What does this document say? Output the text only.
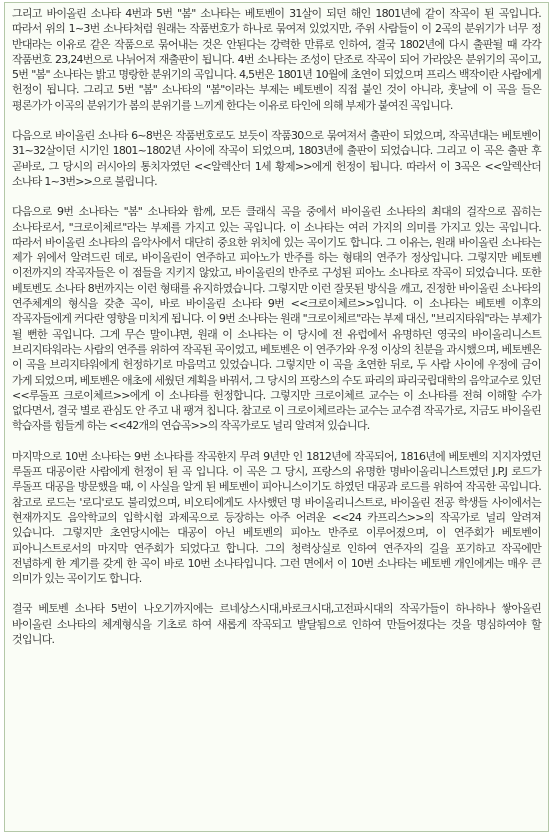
그리고 바이올린 소나타 4번과 5번 "봄" 소나타는 베토벤이 31살이 되던 해인 1801년에 같이 작곡이 된 곡입니다. 따라서 위의 1~3번 소나타처럼 원래는 작품번호가 하나로 묶여져 있었지만, 주위 사람들이 이 2곡의 분위기가 너무 정 반대라는 이유로 같은 작품으로 묶어내는 것은 안된다는 강력한 만류로 인하여, 결국 1802년에 다시 출판될 때 각각 작품번호 23,24번으로 나뉘어져 재출판이 됩니다. 4번 소나타는 조성이 단조로 작곡이 되어 가라앉은 분위기의 곡이고, 5번 "봄" 소나타는 밝고 명랑한 분위기의 곡입니다. 4,5번은 1801년 10월에 초연이 되었으며 프리스 백작이란 사람에게 헌정이 됩니다. 그리고 5번 "봄" 소나타의 "봄"이라는 부제는 베토벤이 직접 붙인 것이 아니라, 훗날에 이 곡을 들은 평론가가 이곡의 분위기가 봄의 분위기를 느끼게 한다는 이유로 타인에 의해 부제가 붙여진 곡입니다.

다음으로 바이올린 소나타 6~8번은 작품번호로도 보듯이 작품30으로 묶여져서 출판이 되었으며, 작곡년대는 베토벤이 31~32살이던 시기인 1801~1802년 사이에 작곡이 되었으며, 1803년에 출판이 되었습니다. 그리고 이 곡은 출판 후 곧바로, 그 당시의 러시아의 통치자였던 <<알렉산더 1세 황제>>에게 헌정이 됩니다. 따라서 이 3곡은 <<알렉산더 소나타 1~3번>>으로 불립니다.

다음으로 9번 소나타는 "봄" 소나타와 함께, 모든 클래식 곡을 중에서 바이올린 소나타의 최대의 걸작으로 꼽히는 소나타로서, "크로이체르"라는 부제를 가지고 있는 곡입니다. 이 소나타는 여러 가지의 의미를 가지고 있는 곡입니다. 따라서 바이올린 소나타의 음악사에서 대단히 중요한 위치에 있는 곡이기도 합니다. 그 이유는, 원래 바이올린 소나타는 제가 위에서 알려드린 데로, 바이올린이 연주하고 피아노가 반주를 하는 형태의 연주가 정상입니다. 그렇지만 베토벤 이전까지의 작곡자들은 이 점들을 지키지 않았고, 바이올린의 반주로 구성된 피아노 소나타로 작곡이 되었습니다. 또한 베토벤도 소나타 8번까지는 이런 형태를 유지하였습니다. 그렇지만 이런 잘못된 방식을 깨고, 진정한 바이올린 소나타의 연주체계의 형식을 갖춘 곡이, 바로 바이올린 소나타 9번 <<크로이체르>>입니다. 이 소나타는 베토벤 이후의 작곡자들에게 커다란 영향을 미치게 됩니다. 이 9번 소나타는 원래 "크로이체르"라는 부제 대신, "브리지타워"라는 부제가 될 뻔한 곡입니다. 그게 무슨 말이냐면, 원래 이 소나타는 이 당시에 전 유럽에서 유명하던 영국의 바이올리니스트 브리지타워라는 사람의 연주를 위하여 작곡된 곡이었고, 베토벤은 이 연주가와 우정 이상의 친분을 과시했으며, 베토벤은 이 곡을 브리지타워에게 헌정하기로 마음먹고 있었습니다. 그렇지만 이 곡을 초연한 뒤로, 두 사람 사이에 우정에 금이 가게 되었으며, 베토벤은 애초에 세웠던 계획을 바꿔서, 그 당시의 프랑스의 수도 파리의 파리국립대학의 음악교수로 있던 <<루돌프 크로이체르>>에게 이 소나타를 헌정합니다. 그렇지만 크로이체르 교수는 이 소나타를 전혀 이해할 수가 없다면서, 결국 별로 관심도 안 주고 내 팽겨 칩니다. 참고로 이 크로이체르라는 교수는 교수겸 작곡가로, 지금도 바이올린 학습자를 힘들게 하는 <<42개의 연습곡>>의 작곡가로도 널리 알려져 있습니다.

마지막으로 10번 소나타는 9번 소나타를 작곡한지 무려 9년만 인 1812년에 작곡되어, 1816년에 베토벤의 지지자였던 루돌프 대공이란 사람에게 헌정이 된 곡 입니다. 이 곡은 그 당시, 프랑스의 유명한 명바이올리니스트였던 J.P.J 로드가 루돌프 대공을 방문했을 때, 이 사실을 알게 된 베토벤이 피아니스이기도 하였던 대공과 로드를 위하여 작곡한 곡입니다. 참고로 로드는 '로디'로도 불리었으며, 비오티에게도 사사했던 명 바이올리니스트로, 바이올린 전공 학생들 사이에서는 현재까지도 음악학교의 입학시험 과제곡으로 등장하는 아주 어려운 <<24 카프리스>>의 작곡가로 널리 알려져 있습니다. 그렇지만 초연당시에는 대공이 아닌 베토벤의 피아노 반주로 이루어졌으며, 이 연주회가 베토벤이 피아니스트로서의 마지막 연주회가 되었다고 합니다. 그의 청력상실로 인하여 연주자의 길을 포기하고 작곡에만 전념하게 한 계기를 갖게 한 곡이 바로 10번 소나타입니다. 그런 면에서 이 10번 소나타는 베토벤 개인에게는 매우 큰 의미가 있는 곡이기도 합니다.

결국 베토벤 소나타 5번이 나오기까지에는 르네상스시대,바로크시대,고전파시대의 작곡가들이 하나하나 쌓아올린 바이올린 소나타의 체계형식을 기초로 하여 새롭게 작곡되고 발달됨으로 인하여 만들어졌다는 것을 명심하여야 할 것입니다.
